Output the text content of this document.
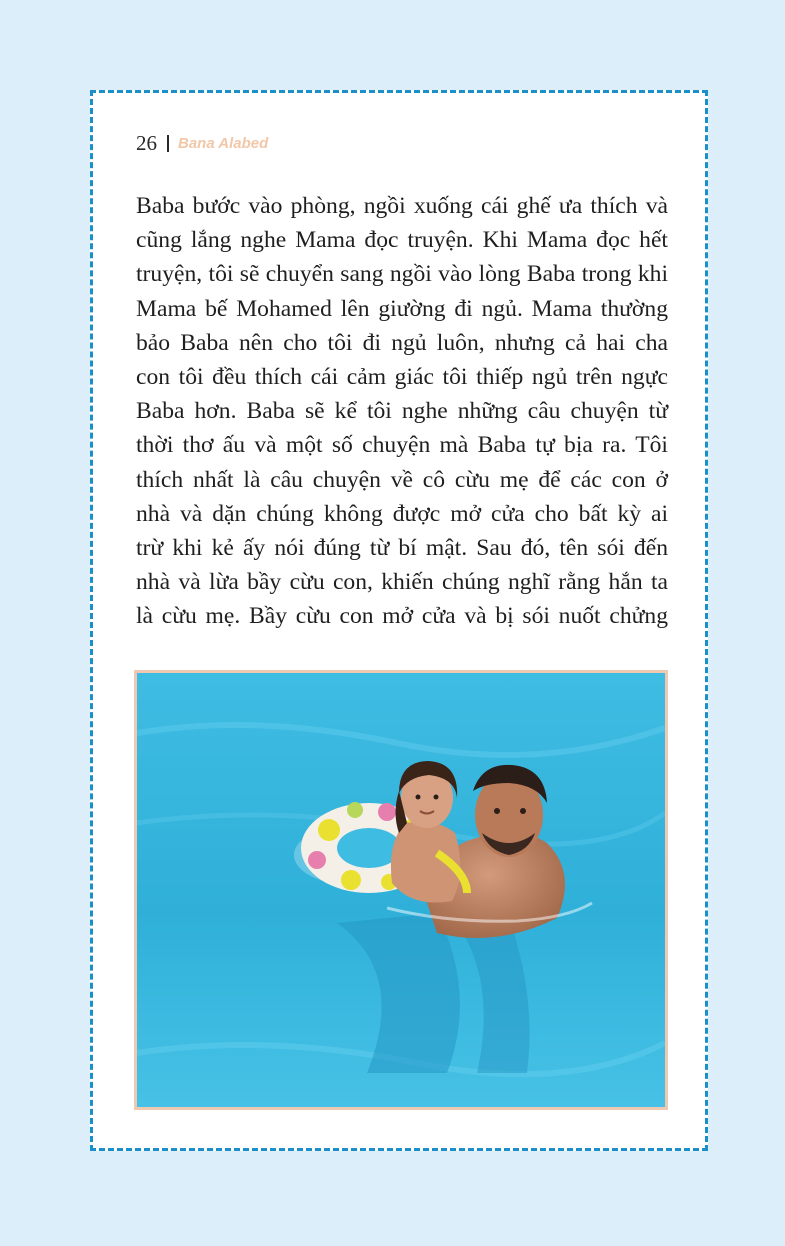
26 Bana Alabed
Baba bước vào phòng, ngồi xuống cái ghế ưa thích và
cũng lắng nghe Mama đọc truyện. Khi Mama đọc hết
truyện, tôi sẽ chuyển sang ngồi vào lòng Baba trong khi
Mama bế Mohamed lên giường đi ngủ. Mama thường
bảo Baba nên cho tôi đi ngủ luôn, nhưng cả hai cha
con tôi đều thích cái cảm giác tôi thiếp ngủ trên ngực
Baba hơn. Baba sẽ kể tôi nghe những câu chuyện từ
thời thơ ấu và một số chuyện mà Baba tự bịa ra. Tôi
thích nhất là câu chuyện về cô cừu mẹ để các con ở
nhà và dặn chúng không được mở cửa cho bất kỳ ai
trừ khi kẻ ấy nói đúng từ bí mật. Sau đó, tên sói đến
nhà và lừa bầy cừu con, khiến chúng nghĩ rằng hắn ta
là cừu mẹ. Bầy cừu con mở cửa và bị sói nuốt chửng
